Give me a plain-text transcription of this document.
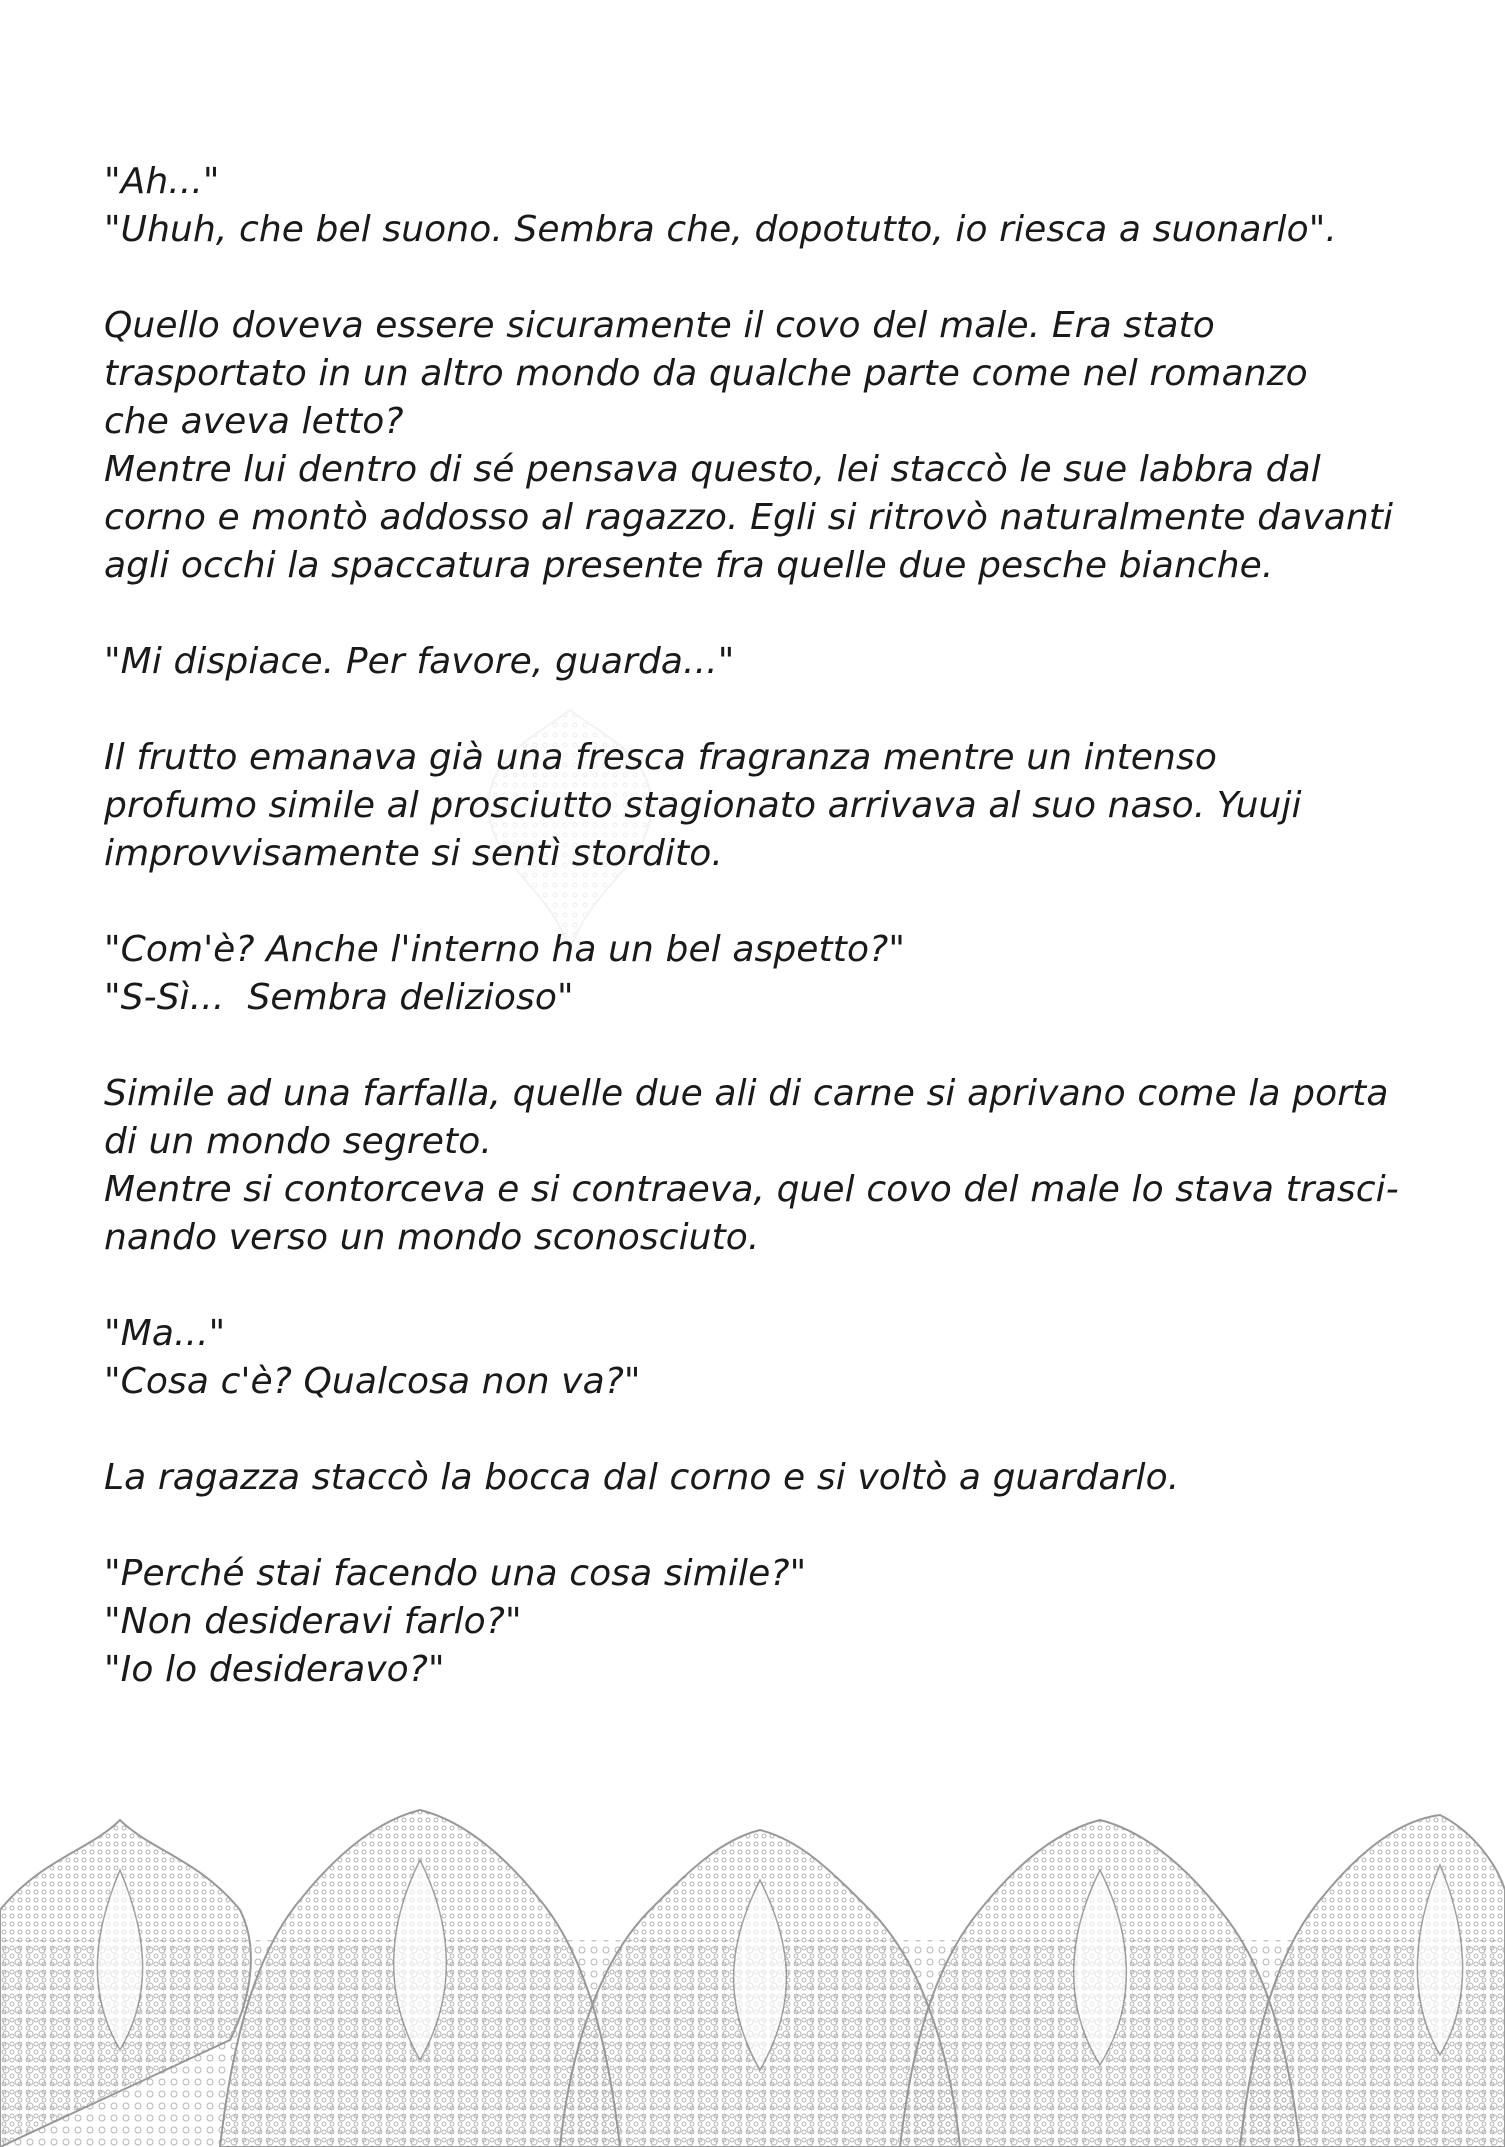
"Ah..."
"Uhuh, che bel suono. Sembra che, dopotutto, io riesca a suonarlo".
Quello doveva essere sicuramente il covo del male. Era stato
trasportato in un altro mondo da qualche parte come nel romanzo
che aveva letto?
Mentre lui dentro di sé pensava questo, lei staccò le sue labbra dal
corno e montò addosso al ragazzo. Egli si ritrovò naturalmente davanti
agli occhi la spaccatura presente fra quelle due pesche bianche.
"Mi dispiace. Per favore, guarda..."
Il frutto emanava già una fresca fragranza mentre un intenso
profumo simile al prosciutto stagionato arrivava al suo naso. Yuuji
improvvisamente si sentì stordito.
"Com'è? Anche l'interno ha un bel aspetto?"
"S-Sì...  Sembra delizioso"
Simile ad una farfalla, quelle due ali di carne si aprivano come la porta
di un mondo segreto.
Mentre si contorceva e si contraeva, quel covo del male lo stava trasci-
nando verso un mondo sconosciuto.
"Ma..."
"Cosa c'è? Qualcosa non va?"
La ragazza staccò la bocca dal corno e si voltò a guardarlo.
"Perché stai facendo una cosa simile?"
"Non desideravi farlo?"
"Io lo desideravo?"
